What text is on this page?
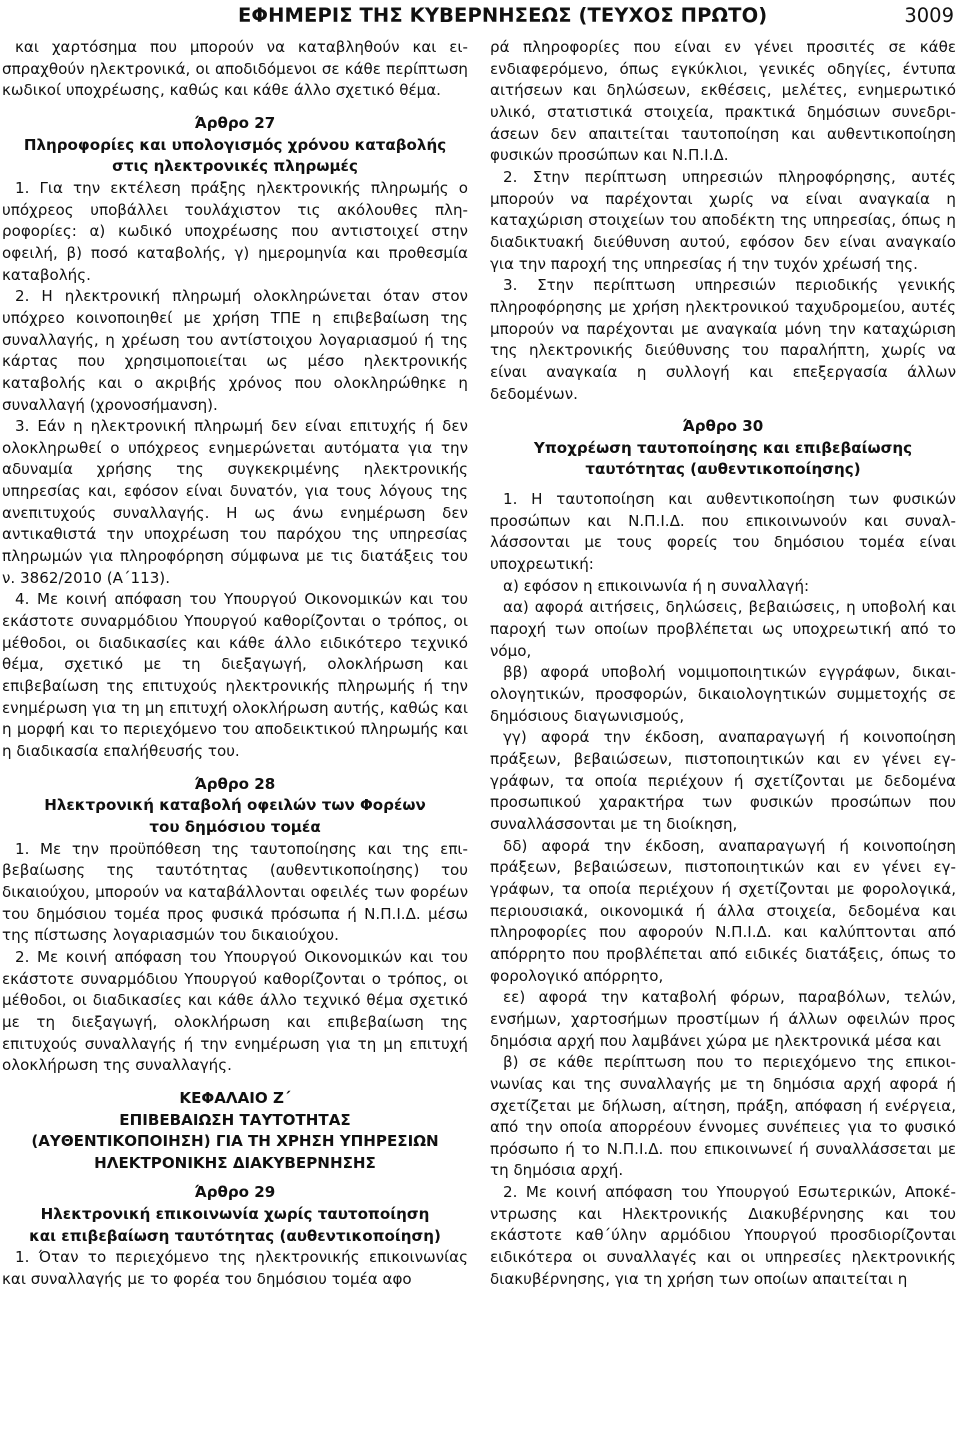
ΕΦΗΜΕΡΙΣ ΤΗΣ ΚΥΒΕΡΝΗΣΕΩΣ (ΤΕΥΧΟΣ ΠΡΩΤΟ)	3009

και χαρτόσημα που μπορούν να καταβληθούν και εισπραχθούν ηλεκτρονικά, οι αποδιδόμενοι σε κάθε περίπτωση κωδικοί υποχρέωσης, καθώς και κάθε άλλο σχετικό θέμα.

Άρθρο 27

Πληροφορίες και υπολογισμός χρόνου καταβολής

στις ηλεκτρονικές πληρωμές

1. Για την εκτέλεση πράξης ηλεκτρονικής πληρωμής ο υπόχρεος υποβάλλει τουλάχιστον τις ακόλουθες πληροφορίες: α) κωδικό υποχρέωσης που αντιστοιχεί στην οφειλή, β) ποσό καταβολής, γ) ημερομηνία και προθεσμία καταβολής.

2. Η ηλεκτρονική πληρωμή ολοκληρώνεται όταν στον υπόχρεο κοινοποιηθεί με χρήση ΤΠΕ η επιβεβαίωση της συναλλαγής, η χρέωση του αντίστοιχου λογαριασμού ή της κάρτας που χρησιμοποιείται ως μέσο ηλεκτρονικής καταβολής και ο ακριβής χρόνος που ολοκληρώθηκε η συναλλαγή (χρονοσήμανση).

3. Εάν η ηλεκτρονική πληρωμή δεν είναι επιτυχής ή δεν ολοκληρωθεί ο υπόχρεος ενημερώνεται αυτόματα για την αδυναμία χρήσης της συγκεκριμένης ηλεκτρονικής υπηρεσίας και, εφόσον είναι δυνατόν, για τους λόγους της ανεπιτυχούς συναλλαγής. Η ως άνω ενημέρωση δεν αντικαθιστά την υποχρέωση του παρόχου της υπηρεσίας πληρωμών για πληροφόρηση σύμφωνα με τις διατάξεις του ν. 3862/2010 (Α΄113).

4. Με κοινή απόφαση του Υπουργού Οικονομικών και του εκάστοτε συναρμόδιου Υπουργού καθορίζονται ο τρόπος, οι μέθοδοι, οι διαδικασίες και κάθε άλλο ειδικότερο τεχνικό θέμα, σχετικό με τη διεξαγωγή, ολοκλήρωση και επιβεβαίωση της επιτυχούς ηλεκτρονικής πληρωμής ή την ενημέρωση για τη μη επιτυχή ολοκλήρωση αυτής, καθώς και η μορφή και το περιεχόμενο του αποδεικτικού πληρωμής και η διαδικασία επαλήθευσής του.

Άρθρο 28

Ηλεκτρονική καταβολή οφειλών των Φορέων

του δημόσιου τομέα

1. Με την προϋπόθεση της ταυτοποίησης και της επιβεβαίωσης της ταυτότητας (αυθεντικοποίησης) του δικαιούχου, μπορούν να καταβάλλονται οφειλές των φορέων του δημόσιου τομέα προς φυσικά πρόσωπα ή Ν.Π.Ι.Δ. μέσω της πίστωσης λογαριασμών του δικαιούχου.

2. Με κοινή απόφαση του Υπουργού Οικονομικών και του εκάστοτε συναρμόδιου Υπουργού καθορίζονται ο τρόπος, οι μέθοδοι, οι διαδικασίες και κάθε άλλο τεχνικό θέμα σχετικό με τη διεξαγωγή, ολοκλήρωση και επιβεβαίωση της επιτυχούς συναλλαγής ή την ενημέρωση για τη μη επιτυχή ολοκλήρωση της συναλλαγής.

ΚΕΦΑΛΑΙΟ Ζ΄

ΕΠΙΒΕΒΑΙΩΣΗ ΤΑΥΤΟΤΗΤΑΣ

(ΑΥΘΕΝΤΙΚΟΠΟΙΗΣΗ) ΓΙΑ ΤΗ ΧΡΗΣΗ ΥΠΗΡΕΣΙΩΝ

ΗΛΕΚΤΡΟΝΙΚΗΣ ΔΙΑΚΥΒΕΡΝΗΣΗΣ

Άρθρο 29

Ηλεκτρονική επικοινωνία χωρίς ταυτοποίηση

και επιβεβαίωση ταυτότητας (αυθεντικοποίηση)

1. Όταν το περιεχόμενο της ηλεκτρονικής επικοινωνίας και συναλλαγής με το φορέα του δημόσιου τομέα αφο

ρά πληροφορίες που είναι εν γένει προσιτές σε κάθε ενδιαφερόμενο, όπως εγκύκλιοι, γενικές οδηγίες, έντυπα αιτήσεων και δηλώσεων, εκθέσεις, μελέτες, ενημερωτικό υλικό, στατιστικά στοιχεία, πρακτικά δημόσιων συνεδριάσεων δεν απαιτείται ταυτοποίηση και αυθεντικοποίηση φυσικών προσώπων και Ν.Π.Ι.Δ.

2. Στην περίπτωση υπηρεσιών πληροφόρησης, αυτές μπορούν να παρέχονται χωρίς να είναι αναγκαία η καταχώριση στοιχείων του αποδέκτη της υπηρεσίας, όπως η διαδικτυακή διεύθυνση αυτού, εφόσον δεν είναι αναγκαίο για την παροχή της υπηρεσίας ή την τυχόν χρέωσή της.

3. Στην περίπτωση υπηρεσιών περιοδικής γενικής πληροφόρησης με χρήση ηλεκτρονικού ταχυδρομείου, αυτές μπορούν να παρέχονται με αναγκαία μόνη την καταχώριση της ηλεκτρονικής διεύθυνσης του παραλήπτη, χωρίς να είναι αναγκαία η συλλογή και επεξεργασία άλλων δεδομένων.

Άρθρο 30

Υποχρέωση ταυτοποίησης και επιβεβαίωσης

ταυτότητας (αυθεντικοποίησης)

1. Η ταυτοποίηση και αυθεντικοποίηση των φυσικών προσώπων και Ν.Π.Ι.Δ. που επικοινωνούν και συναλλάσσονται με τους φορείς του δημόσιου τομέα είναι υποχρεωτική:

α) εφόσον η επικοινωνία ή η συναλλαγή:

αα) αφορά αιτήσεις, δηλώσεις, βεβαιώσεις, η υποβολή και παροχή των οποίων προβλέπεται ως υποχρεωτική από το νόμο,

ββ) αφορά υποβολή νομιμοποιητικών εγγράφων, δικαιολογητικών, προσφορών, δικαιολογητικών συμμετοχής σε δημόσιους διαγωνισμούς,

γγ) αφορά την έκδοση, αναπαραγωγή ή κοινοποίηση πράξεων, βεβαιώσεων, πιστοποιητικών και εν γένει εγγράφων, τα οποία περιέχουν ή σχετίζονται με δεδομένα προσωπικού χαρακτήρα των φυσικών προσώπων που συναλλάσσονται με τη διοίκηση,

δδ) αφορά την έκδοση, αναπαραγωγή ή κοινοποίηση πράξεων, βεβαιώσεων, πιστοποιητικών και εν γένει εγγράφων, τα οποία περιέχουν ή σχετίζονται με φορολογικά, περιουσιακά, οικονομικά ή άλλα στοιχεία, δεδομένα και πληροφορίες που αφορούν Ν.Π.Ι.Δ. και καλύπτονται από απόρρητο που προβλέπεται από ειδικές διατάξεις, όπως το φορολογικό απόρρητο,

εε) αφορά την καταβολή φόρων, παραβόλων, τελών, ενσήμων, χαρτοσήμων προστίμων ή άλλων οφειλών προς δημόσια αρχή που λαμβάνει χώρα με ηλεκτρονικά μέσα και

β) σε κάθε περίπτωση που το περιεχόμενο της επικοινωνίας και της συναλλαγής με τη δημόσια αρχή αφορά ή σχετίζεται με δήλωση, αίτηση, πράξη, απόφαση ή ενέργεια, από την οποία απορρέουν έννομες συνέπειες για το φυσικό πρόσωπο ή το Ν.Π.Ι.Δ. που επικοινωνεί ή συναλλάσσεται με τη δημόσια αρχή.

2. Με κοινή απόφαση του Υπουργού Εσωτερικών, Αποκέντρωσης και Ηλεκτρονικής Διακυβέρνησης και του εκάστοτε καθ΄ύλην αρμόδιου Υπουργού προσδιορίζονται ειδικότερα οι συναλλαγές και οι υπηρεσίες ηλεκτρονικής διακυβέρνησης, για τη χρήση των οποίων απαιτείται η
